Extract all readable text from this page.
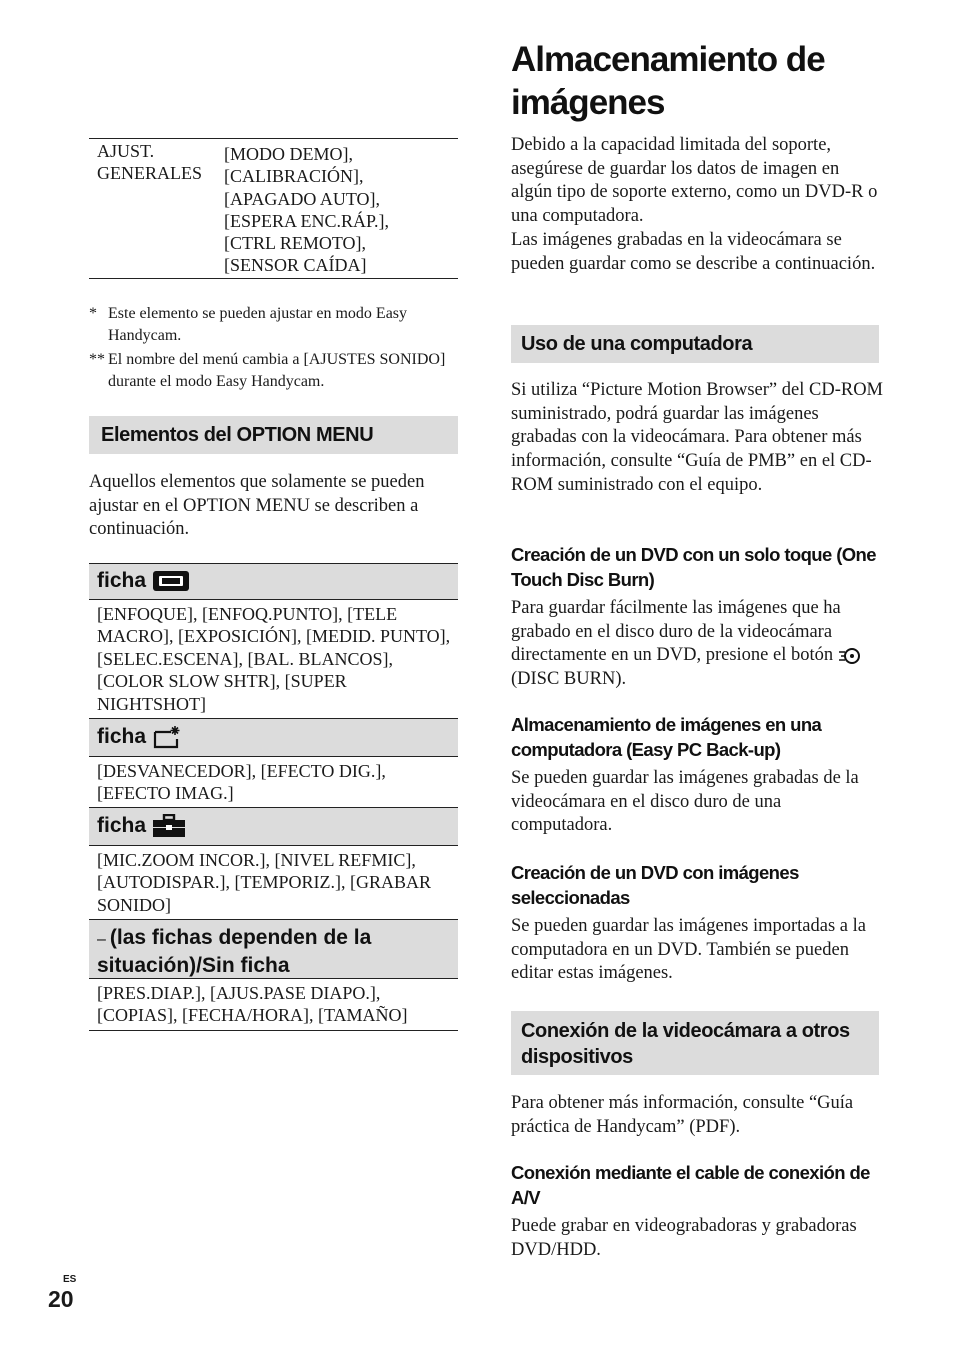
AJUST. GENERALES
[MODO DEMO],
[CALIBRACIÓN],
[APAGADO AUTO],
[ESPERA ENC.RÁP.],
[CTRL REMOTO],
[SENSOR CAÍDA]
* Este elemento se pueden ajustar en modo Easy Handycam.
** El nombre del menú cambia a [AJUSTES SONIDO] durante el modo Easy Handycam.
Elementos del OPTION MENU
Aquellos elementos que solamente se pueden ajustar en el OPTION MENU se describen a continuación.
ficha
[ENFOQUE], [ENFOQ.PUNTO], [TELE MACRO], [EXPOSICIÓN], [MEDID. PUNTO], [SELEC.ESCENA], [BAL. BLANCOS], [COLOR SLOW SHTR], [SUPER NIGHTSHOT]
ficha
[DESVANECEDOR], [EFECTO DIG.], [EFECTO IMAG.]
ficha
[MIC.ZOOM INCOR.], [NIVEL REFMIC], [AUTODISPAR.], [TEMPORIZ.], [GRABAR SONIDO]
– (las fichas dependen de la situación)/Sin ficha
[PRES.DIAP.], [AJUS.PASE DIAPO.], [COPIAS], [FECHA/HORA], [TAMAÑO]
Almacenamiento de imágenes
Debido a la capacidad limitada del soporte, asegúrese de guardar los datos de imagen en algún tipo de soporte externo, como un DVD-R o una computadora.
Las imágenes grabadas en la videocámara se pueden guardar como se describe a continuación.
Uso de una computadora
Si utiliza “Picture Motion Browser” del CD-ROM suministrado, podrá guardar las imágenes grabadas con la videocámara. Para obtener más información, consulte “Guía de PMB” en el CD-ROM suministrado con el equipo.
Creación de un DVD con un solo toque (One Touch Disc Burn)
Para guardar fácilmente las imágenes que ha grabado en el disco duro de la videocámara directamente en un DVD, presione el botón  (DISC BURN).
Almacenamiento de imágenes en una computadora (Easy PC Back-up)
Se pueden guardar las imágenes grabadas de la videocámara en el disco duro de una computadora.
Creación de un DVD con imágenes seleccionadas
Se pueden guardar las imágenes importadas a la computadora en un DVD. También se pueden editar estas imágenes.
Conexión de la videocámara a otros dispositivos
Para obtener más información, consulte “Guía práctica de Handycam” (PDF).
Conexión mediante el cable de conexión de A/V
Puede grabar en videograbadoras y grabadoras DVD/HDD.
ES
20
